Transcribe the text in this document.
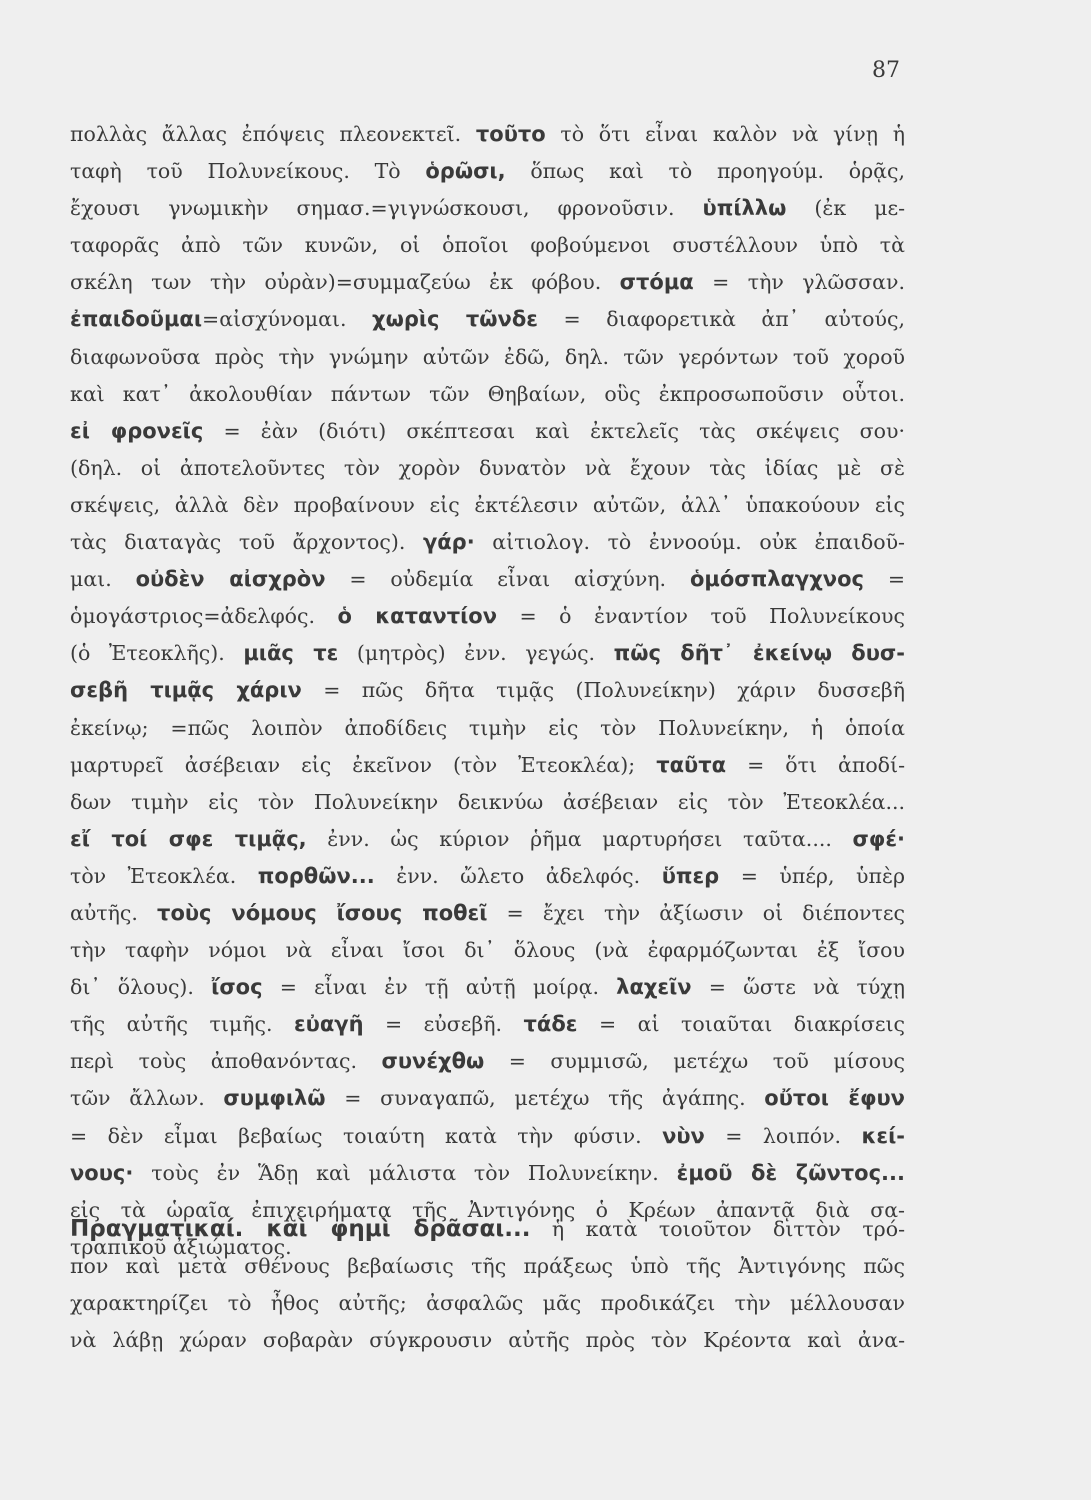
87
πολλὰς ἄλλας ἐπόψεις πλεονεκτεῖ. τοῦτο τὸ ὅτι εἶναι καλὸν νὰ γίνῃ ἡ
ταφὴ τοῦ Πολυνείκους. Τὸ ὁρῶσι, ὅπως καὶ τὸ προηγούμ. ὁρᾷς,
ἔχουσι γνωμικὴν σημασ.=γιγνώσκουσι, φρονοῦσιν. ὑπίλλω (ἐκ με-
ταφορᾶς ἀπὸ τῶν κυνῶν, οἱ ὁποῖοι φοβούμενοι συστέλλουν ὑπὸ τὰ
σκέλη των τὴν οὐρὰν)=συμμαζεύω ἐκ φόβου. στόμα = τὴν γλῶσσαν.
ἐπαιδοῦμαι=αἰσχύνομαι. χωρὶς τῶνδε = διαφορετικὰ ἀπ᾿ αὐτούς,
διαφωνοῦσα πρὸς τὴν γνώμην αὐτῶν ἐδῶ, δηλ. τῶν γερόντων τοῦ χοροῦ
καὶ κατ᾿ ἀκολουθίαν πάντων τῶν Θηβαίων, οὓς ἐκπροσωποῦσιν οὗτοι.
εἰ φρονεῖς = ἐὰν (διότι) σκέπτεσαι καὶ ἐκτελεῖς τὰς σκέψεις σου·
(δηλ. οἱ ἀποτελοῦντες τὸν χορὸν δυνατὸν νὰ ἔχουν τὰς ἰδίας μὲ σὲ
σκέψεις, ἀλλὰ δὲν προβαίνουν εἰς ἐκτέλεσιν αὐτῶν, ἀλλ᾿ ὑπακούουν εἰς
τὰς διαταγὰς τοῦ ἄρχοντος). γάρ· αἰτιολογ. τὸ ἐννοούμ. οὐκ ἐπαιδοῦ-
μαι. οὐδὲν αἰσχρὸν = οὐδεμία εἶναι αἰσχύνη. ὁμόσπλαγχνος =
ὁμογάστριος=ἀδελφός. ὁ καταντίον = ὁ ἐναντίον τοῦ Πολυνείκους
(ὁ Ἐτεοκλῆς). μιᾶς τε (μητρὸς) ἐνν. γεγώς. πῶς δῆτ᾿ ἐκείνῳ δυσ-
σεβῆ τιμᾷς χάριν = πῶς δῆτα τιμᾷς (Πολυνείκην) χάριν δυσσεβῆ
ἐκείνῳ; =πῶς λοιπὸν ἀποδίδεις τιμὴν εἰς τὸν Πολυνείκην, ἡ ὁποία
μαρτυρεῖ ἀσέβειαν εἰς ἐκεῖνον (τὸν Ἐτεοκλέα); ταῦτα = ὅτι ἀποδί-
δων τιμὴν εἰς τὸν Πολυνείκην δεικνύω ἀσέβειαν εἰς τὸν Ἐτεοκλέα...
εἴ τοί σφε τιμᾷς, ἐνν. ὡς κύριον ῥῆμα μαρτυρήσει ταῦτα.... σφέ·
τὸν Ἐτεοκλέα. πορθῶν... ἐνν. ὤλετο ἀδελφός. ὕπερ = ὑπέρ, ὑπὲρ
αὐτῆς. τοὺς νόμους ἴσους ποθεῖ = ἔχει τὴν ἀξίωσιν οἱ διέποντες
τὴν ταφὴν νόμοι νὰ εἶναι ἴσοι δι᾿ ὅλους (νὰ ἐφαρμόζωνται ἐξ ἴσου
δι᾿ ὅλους). ἴσος = εἶναι ἐν τῇ αὐτῇ μοίρᾳ. λαχεῖν = ὥστε νὰ τύχῃ
τῆς αὐτῆς τιμῆς. εὐαγῆ = εὐσεβῆ. τάδε = αἱ τοιαῦται διακρίσεις
περὶ τοὺς ἀποθανόντας. συνέχθω = συμμισῶ, μετέχω τοῦ μίσους
τῶν ἄλλων. συμφιλῶ = συναγαπῶ, μετέχω τῆς ἀγάπης. οὔτοι ἔφυν
= δὲν εἶμαι βεβαίως τοιαύτη κατὰ τὴν φύσιν. νὺν = λοιπόν. κεί-
νους· τοὺς ἐν Ἅδῃ καὶ μάλιστα τὸν Πολυνείκην. ἐμοῦ δὲ ζῶντος...
εἰς τὰ ὡραῖα ἐπιχειρήματα τῆς Ἀντιγόνης ὁ Κρέων ἀπαντᾷ διὰ σα-
τραπικοῦ ἀξιώματος.
Πραγματικαί. καὶ φημὶ δρᾶσαι... ἡ κατὰ τοιοῦτον διττὸν τρό-
πον καὶ μετὰ σθένους βεβαίωσις τῆς πράξεως ὑπὸ τῆς Ἀντιγόνης πῶς
χαρακτηρίζει τὸ ἦθος αὐτῆς; ἀσφαλῶς μᾶς προδικάζει τὴν μέλλουσαν
νὰ λάβῃ χώραν σοβαρὰν σύγκρουσιν αὐτῆς πρὸς τὸν Κρέοντα καὶ ἀνα-
